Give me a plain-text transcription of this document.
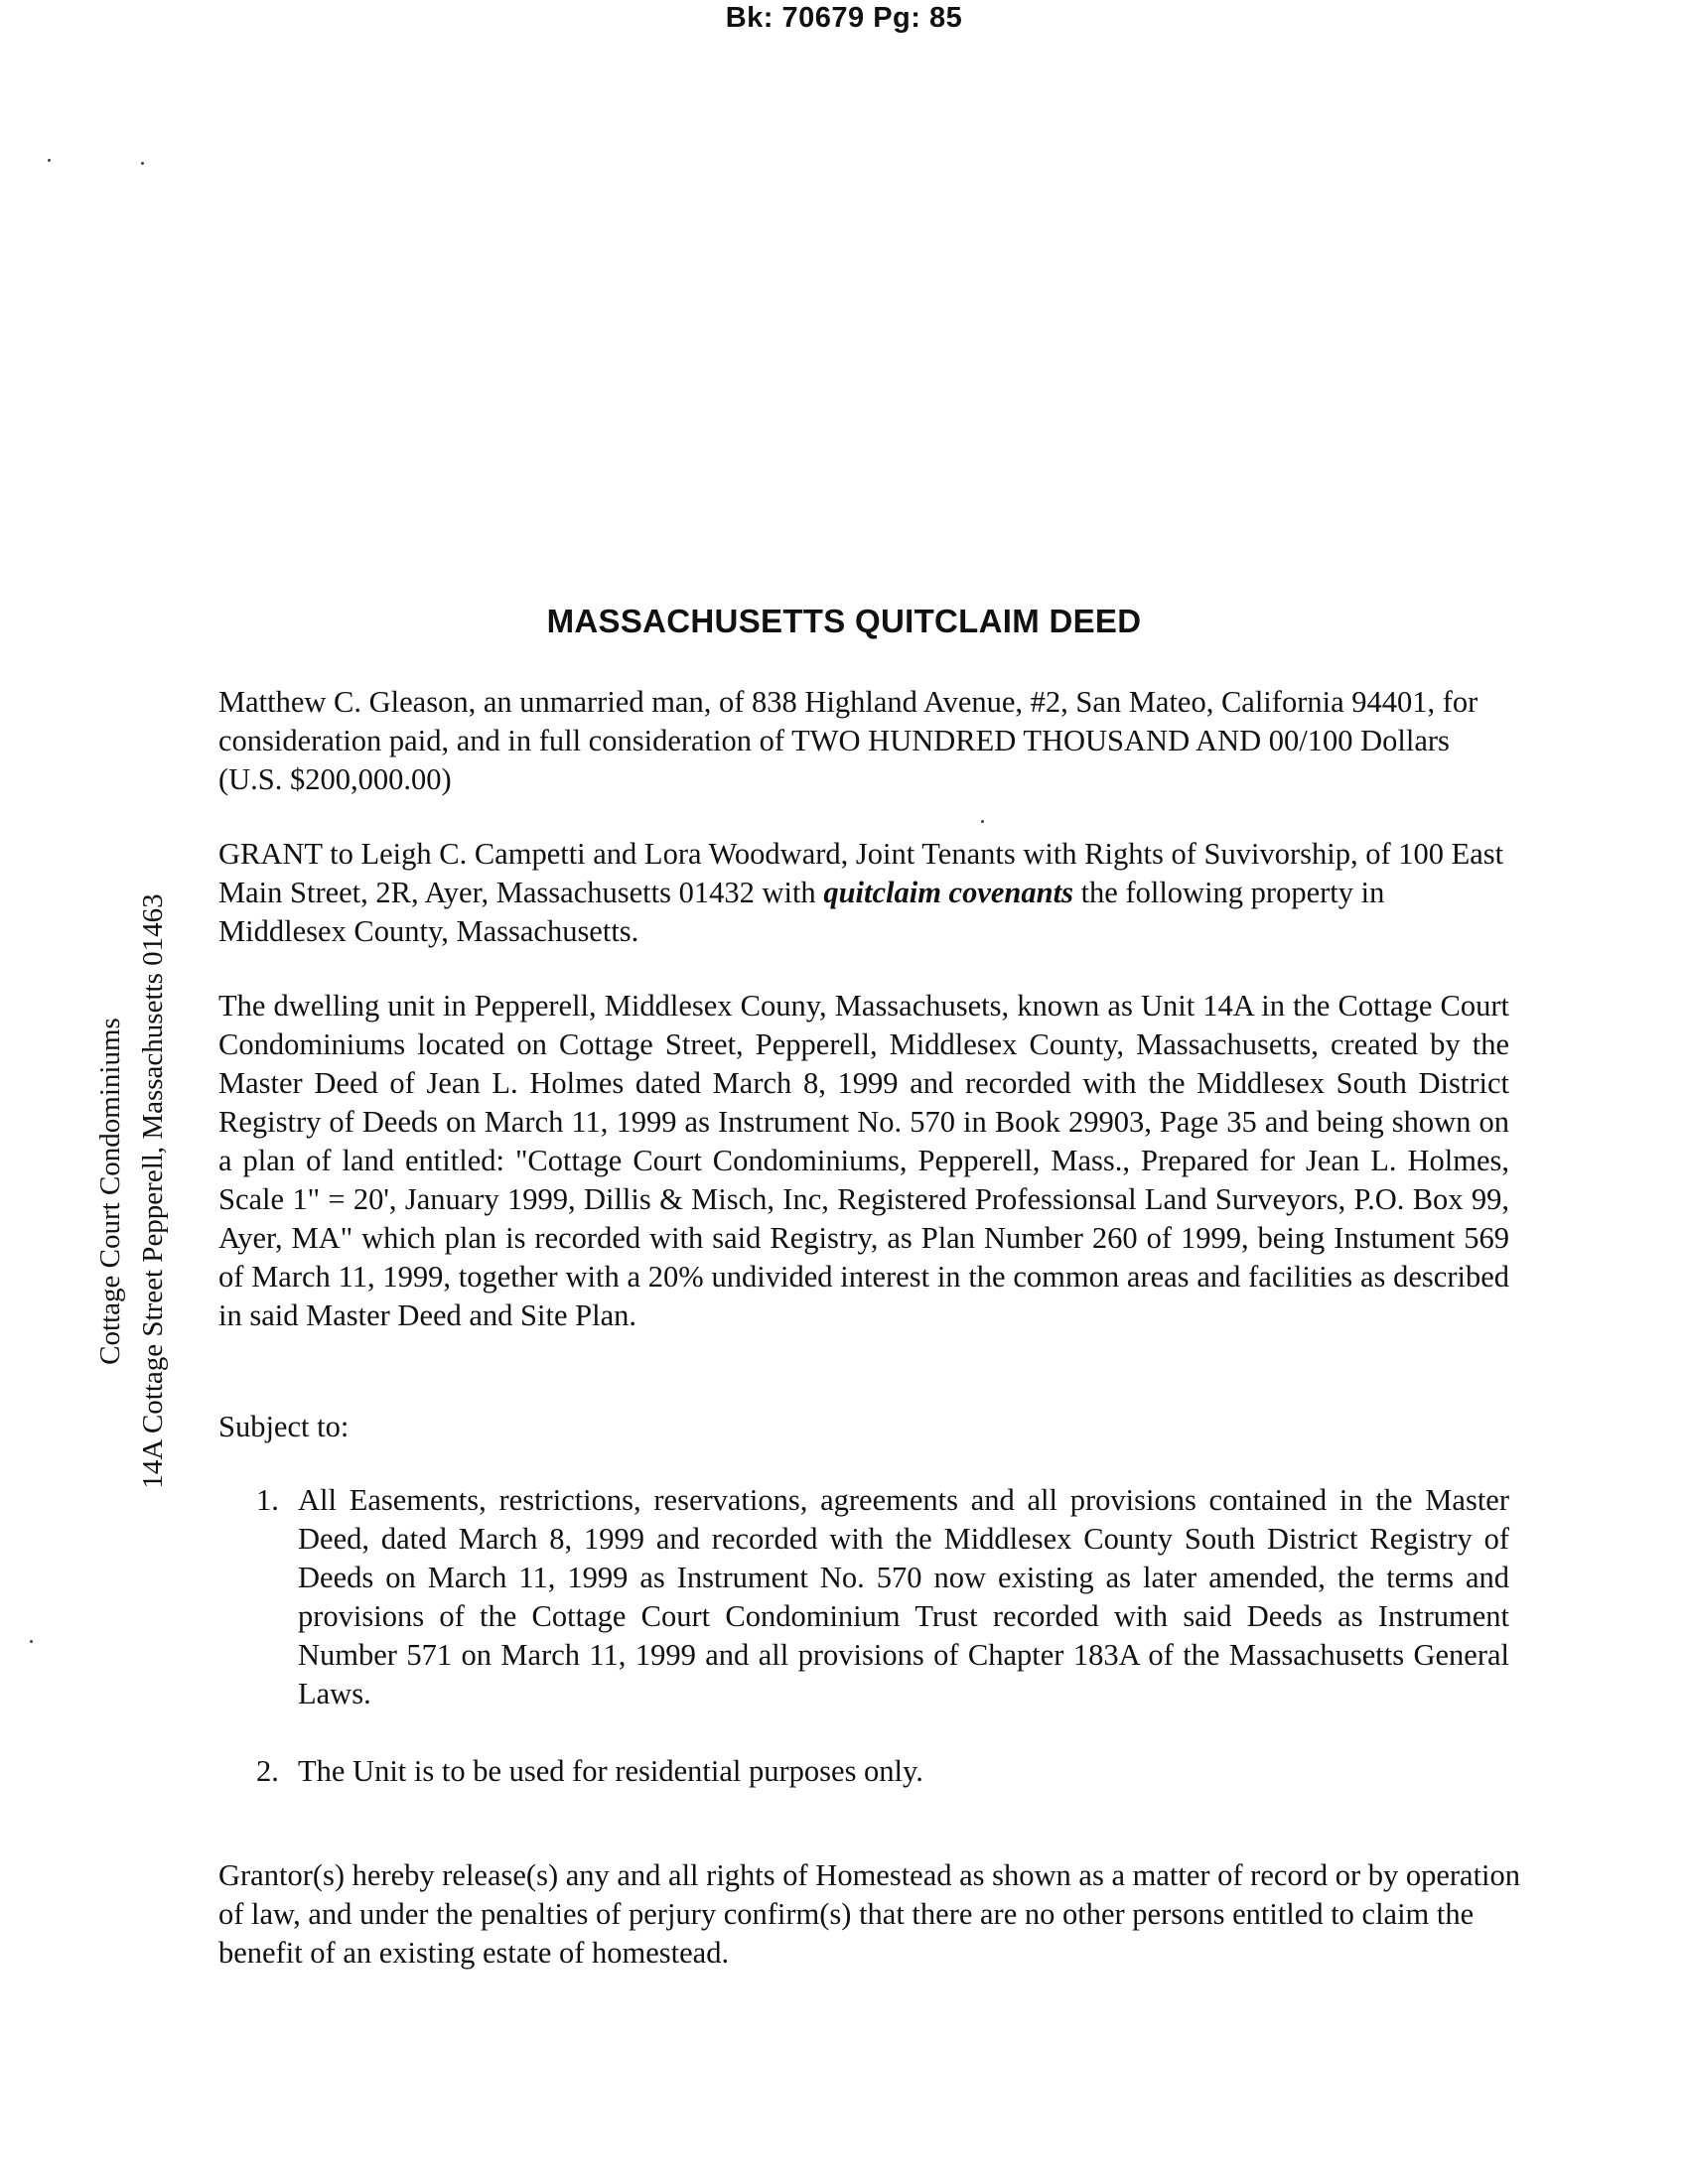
Bk: 70679 Pg: 85
Cottage Court Condominiums 14A Cottage Street Pepperell, Massachusetts 01463
MASSACHUSETTS QUITCLAIM DEED
Matthew C. Gleason, an unmarried man, of 838 Highland Avenue, #2, San Mateo, California 94401, for consideration paid, and in full consideration of TWO HUNDRED THOUSAND AND 00/100 Dollars (U.S. $200,000.00)
GRANT to Leigh C. Campetti and Lora Woodward, Joint Tenants with Rights of Suvivorship, of 100 East Main Street, 2R, Ayer, Massachusetts 01432 with quitclaim covenants the following property in Middlesex County, Massachusetts.
The dwelling unit in Pepperell, Middlesex Couny, Massachusets, known as Unit 14A in the Cottage Court Condominiums located on Cottage Street, Pepperell, Middlesex County, Massachusetts, created by the Master Deed of Jean L. Holmes dated March 8, 1999 and recorded with the Middlesex South District Registry of Deeds on March 11, 1999 as Instrument No. 570 in Book 29903, Page 35 and being shown on a plan of land entitled: "Cottage Court Condominiums, Pepperell, Mass., Prepared for Jean L. Holmes, Scale 1" = 20', January 1999, Dillis & Misch, Inc, Registered Professionsal Land Surveyors, P.O. Box 99, Ayer, MA" which plan is recorded with said Registry, as Plan Number 260 of 1999, being Instument 569 of March 11, 1999, together with a 20% undivided interest in the common areas and facilities as described in said Master Deed and Site Plan.
Subject to:
1. All Easements, restrictions, reservations, agreements and all provisions contained in the Master Deed, dated March 8, 1999 and recorded with the Middlesex County South District Registry of Deeds on March 11, 1999 as Instrument No. 570 now existing as later amended, the terms and provisions of the Cottage Court Condominium Trust recorded with said Deeds as Instrument Number 571 on March 11, 1999 and all provisions of Chapter 183A of the Massachusetts General Laws.
2. The Unit is to be used for residential purposes only.
Grantor(s) hereby release(s) any and all rights of Homestead as shown as a matter of record or by operation of law, and under the penalties of perjury confirm(s) that there are no other persons entitled to claim the benefit of an existing estate of homestead.
